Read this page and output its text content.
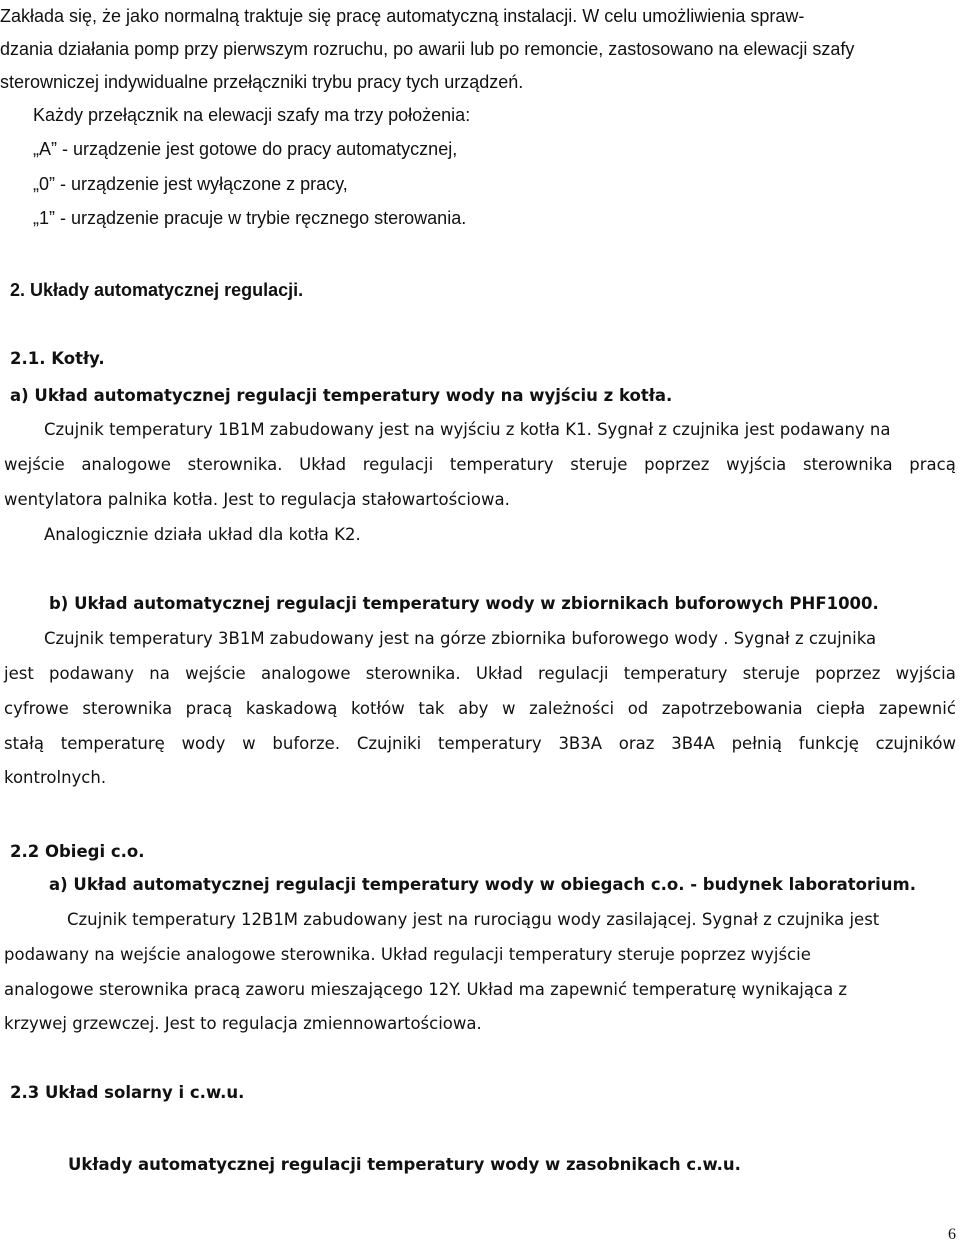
Zakłada się, że jako normalną traktuje się pracę automatyczną instalacji. W celu umożliwienia spraw-
dzania działania pomp przy pierwszym rozruchu, po awarii lub po remoncie, zastosowano na elewacji szafy
sterowniczej indywidualne przełączniki trybu pracy tych urządzeń.
Każdy przełącznik na elewacji szafy ma trzy położenia:
„A” - urządzenie jest gotowe do pracy automatycznej,
„0” - urządzenie jest wyłączone z pracy,
„1” - urządzenie pracuje w trybie ręcznego sterowania.
2. Układy automatycznej regulacji.
2.1. Kotły.
a) Układ automatycznej regulacji temperatury wody na wyjściu z kotła.
Czujnik temperatury 1B1M zabudowany jest na wyjściu z kotła K1. Sygnał z czujnika jest podawany na
wejście analogowe sterownika. Układ regulacji temperatury steruje poprzez wyjścia sterownika pracą
wentylatora palnika kotła. Jest to regulacja stałowartościowa.
Analogicznie działa układ dla kotła K2.
b) Układ automatycznej regulacji temperatury wody w zbiornikach buforowych PHF1000.
Czujnik temperatury 3B1M zabudowany jest na górze zbiornika buforowego wody . Sygnał z czujnika
jest podawany na wejście analogowe sterownika. Układ regulacji temperatury steruje poprzez wyjścia
cyfrowe sterownika pracą kaskadową kotłów tak aby w zależności od zapotrzebowania ciepła zapewnić
stałą temperaturę wody w buforze. Czujniki temperatury 3B3A oraz 3B4A pełnią funkcję czujników
kontrolnych.
2.2 Obiegi c.o.
a) Układ automatycznej regulacji temperatury wody w obiegach c.o. - budynek laboratorium.
Czujnik temperatury 12B1M zabudowany jest na rurociągu wody zasilającej. Sygnał z czujnika jest
podawany na wejście analogowe sterownika. Układ regulacji temperatury steruje poprzez wyjście
analogowe sterownika pracą zaworu mieszającego 12Y. Układ ma zapewnić temperaturę wynikająca z
krzywej grzewczej. Jest to regulacja zmiennowartościowa.
2.3 Układ solarny i c.w.u.
Układy automatycznej regulacji temperatury wody w zasobnikach c.w.u.
6
